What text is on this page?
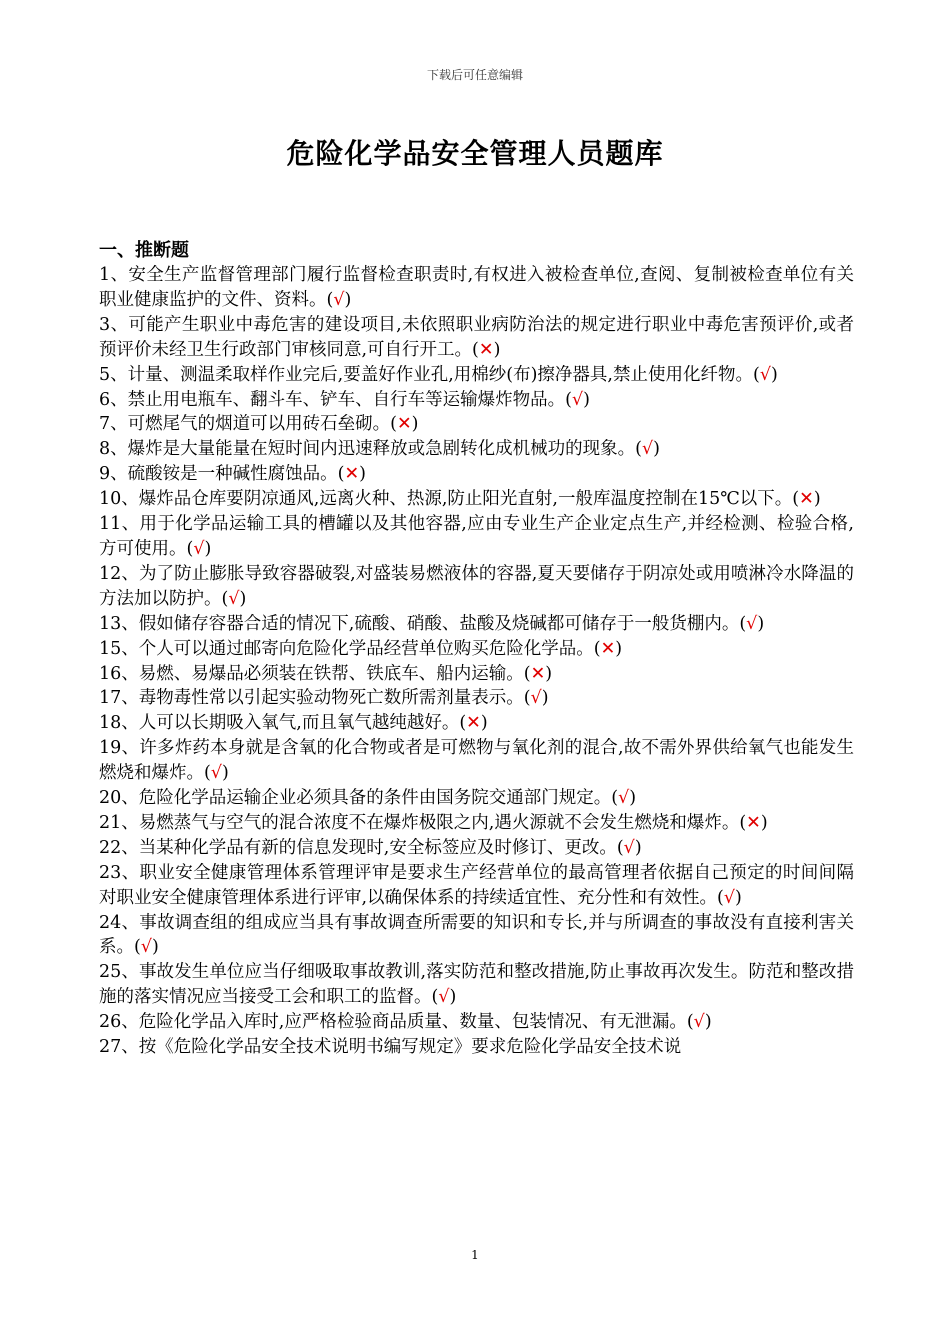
下载后可任意编辑
危险化学品安全管理人员题库

一、推断题

1、安全生产监督管理部门履行监督检查职责时,有权进入被检查单位,查阅、复制被检查单位有关职业健康监护的文件、资料。(√)

3、可能产生职业中毒危害的建设项目,未依照职业病防治法的规定进行职业中毒危害预评价,或者预评价未经卫生行政部门审核同意,可自行开工。(✕)

5、计量、测温柔取样作业完后,要盖好作业孔,用棉纱(布)擦净器具,禁止使用化纤物。(√)

6、禁止用电瓶车、翻斗车、铲车、自行车等运输爆炸物品。(√)

7、可燃尾气的烟道可以用砖石垒砌。(✕)

8、爆炸是大量能量在短时间内迅速释放或急剧转化成机械功的现象。(√)

9、硫酸铵是一种碱性腐蚀品。(✕)

10、爆炸品仓库要阴凉通风,远离火种、热源,防止阳光直射,一般库温度控制在15℃以下。(✕)

11、用于化学品运输工具的槽罐以及其他容器,应由专业生产企业定点生产,并经检测、检验合格,方可使用。(√)

12、为了防止膨胀导致容器破裂,对盛装易燃液体的容器,夏天要储存于阴凉处或用喷淋冷水降温的方法加以防护。(√)

13、假如储存容器合适的情况下,硫酸、硝酸、盐酸及烧碱都可储存于一般货棚内。(√)

15、个人可以通过邮寄向危险化学品经营单位购买危险化学品。(✕)

16、易燃、易爆品必须装在铁帮、铁底车、船内运输。(✕)

17、毒物毒性常以引起实验动物死亡数所需剂量表示。(√)

18、人可以长期吸入氧气,而且氧气越纯越好。(✕)

19、许多炸药本身就是含氧的化合物或者是可燃物与氧化剂的混合,故不需外界供给氧气也能发生燃烧和爆炸。(√)

20、危险化学品运输企业必须具备的条件由国务院交通部门规定。(√)

21、易燃蒸气与空气的混合浓度不在爆炸极限之内,遇火源就不会发生燃烧和爆炸。(✕)

22、当某种化学品有新的信息发现时,安全标签应及时修订、更改。(√)

23、职业安全健康管理体系管理评审是要求生产经营单位的最高管理者依据自己预定的时间间隔对职业安全健康管理体系进行评审,以确保体系的持续适宜性、充分性和有效性。(√)

24、事故调查组的组成应当具有事故调查所需要的知识和专长,并与所调查的事故没有直接利害关系。(√)

25、事故发生单位应当仔细吸取事故教训,落实防范和整改措施,防止事故再次发生。防范和整改措施的落实情况应当接受工会和职工的监督。(√)

26、危险化学品入库时,应严格检验商品质量、数量、包装情况、有无泄漏。(√)

27、按《危险化学品安全技术说明书编写规定》要求危险化学品安全技术说

1
